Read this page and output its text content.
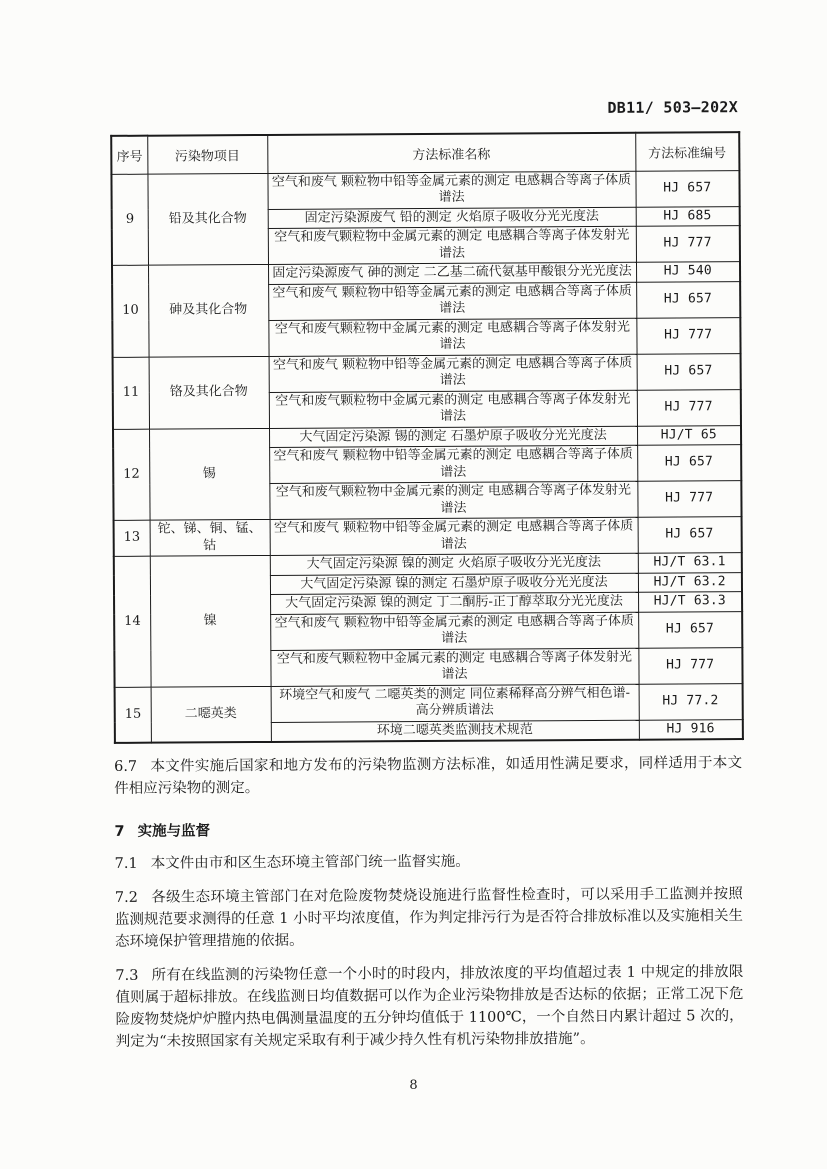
DB11/ 503—202X
序号	污染物项目	方法标准名称	方法标准编号
9	铅及其化合物	空气和废气 颗粒物中铅等金属元素的测定 电感耦合等离子体质谱法	HJ 657
		固定污染源废气 铅的测定 火焰原子吸收分光光度法	HJ 685
		空气和废气颗粒物中金属元素的测定 电感耦合等离子体发射光谱法	HJ 777
10	砷及其化合物	固定污染源废气 砷的测定 二乙基二硫代氨基甲酸银分光光度法	HJ 540
		空气和废气 颗粒物中铅等金属元素的测定 电感耦合等离子体质谱法	HJ 657
		空气和废气颗粒物中金属元素的测定 电感耦合等离子体发射光谱法	HJ 777
11	铬及其化合物	空气和废气 颗粒物中铅等金属元素的测定 电感耦合等离子体质谱法	HJ 657
		空气和废气颗粒物中金属元素的测定 电感耦合等离子体发射光谱法	HJ 777
12	锡	大气固定污染源 锡的测定 石墨炉原子吸收分光光度法	HJ/T 65
		空气和废气 颗粒物中铅等金属元素的测定 电感耦合等离子体质谱法	HJ 657
		空气和废气颗粒物中金属元素的测定 电感耦合等离子体发射光谱法	HJ 777
13	铊、锑、铜、锰、钴	空气和废气 颗粒物中铅等金属元素的测定 电感耦合等离子体质谱法	HJ 657
14	镍	大气固定污染源 镍的测定 火焰原子吸收分光光度法	HJ/T 63.1
		大气固定污染源 镍的测定 石墨炉原子吸收分光光度法	HJ/T 63.2
		大气固定污染源 镍的测定 丁二酮肟-正丁醇萃取分光光度法	HJ/T 63.3
		空气和废气 颗粒物中铅等金属元素的测定 电感耦合等离子体质谱法	HJ 657
		空气和废气颗粒物中金属元素的测定 电感耦合等离子体发射光谱法	HJ 777
15	二噁英类	环境空气和废气 二噁英类的测定 同位素稀释高分辨气相色谱-高分辨质谱法	HJ 77.2
		环境二噁英类监测技术规范	HJ 916
6.7 本文件实施后国家和地方发布的污染物监测方法标准，如适用性满足要求，同样适用于本文件相应污染物的测定。
7 实施与监督
7.1 本文件由市和区生态环境主管部门统一监督实施。
7.2 各级生态环境主管部门在对危险废物焚烧设施进行监督性检查时，可以采用手工监测并按照监测规范要求测得的任意 1 小时平均浓度值，作为判定排污行为是否符合排放标准以及实施相关生态环境保护管理措施的依据。
7.3 所有在线监测的污染物任意一个小时的时段内，排放浓度的平均值超过表 1 中规定的排放限值则属于超标排放。在线监测日均值数据可以作为企业污染物排放是否达标的依据；正常工况下危险废物焚烧炉炉膛内热电偶测量温度的五分钟均值低于 1100℃，一个自然日内累计超过 5 次的，判定为“未按照国家有关规定采取有利于减少持久性有机污染物排放措施”。
8
